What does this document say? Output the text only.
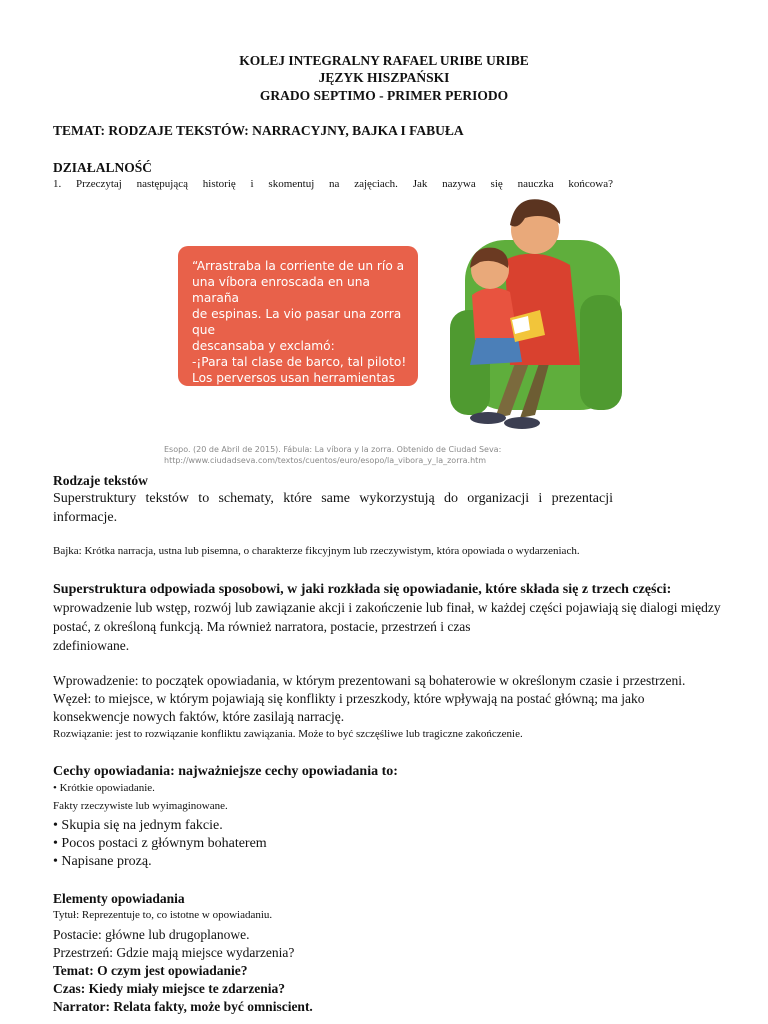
KOLEJ INTEGRALNY RAFAEL URIBE URIBE
JĘZYK HISZPAŃSKI
GRADO SEPTIMO - PRIMER PERIODO
TEMAT: RODZAJE TEKSTÓW: NARRACYJNY, BAJKA I FABUŁA
DZIAŁALNOŚĆ
1. Przeczytaj następującą historię i skomentuj na zajęciach. Jak nazywa się nauczka końcowa?
“Arrastraba la corriente de un río a
una víbora enroscada en una maraña
de espinas. La vio pasar una zorra que
descansaba y exclamó:
-¡Para tal clase de barco, tal piloto!
Los perversos usan herramientas
perversas”
Esopo. (20 de Abril de 2015). Fábula: La víbora y la zorra. Obtenido de Ciudad Seva:
http://www.ciudadseva.com/textos/cuentos/euro/esopo/la_vibora_y_la_zorra.htm
Rodzaje tekstów
Superstruktury tekstów to schematy, które same wykorzystują do organizacji i prezentacji
informacje.
Bajka: Krótka narracja, ustna lub pisemna, o charakterze fikcyjnym lub rzeczywistym, która opowiada o wydarzeniach.
Superstruktura odpowiada sposobowi, w jaki rozkłada się opowiadanie, które składa się z trzech części:
wprowadzenie lub wstęp, rozwój lub zawiązanie akcji i zakończenie lub finał, w każdej części pojawiają się dialogi między
postać, z określoną funkcją. Ma również narratora, postacie, przestrzeń i czas
zdefiniowane.
Wprowadzenie: to początek opowiadania, w którym prezentowani są bohaterowie w określonym czasie i przestrzeni.
Węzeł: to miejsce, w którym pojawiają się konflikty i przeszkody, które wpływają na postać główną; ma jako
konsekwencje nowych faktów, które zasilają narrację.
Rozwiązanie: jest to rozwiązanie konfliktu zawiązania. Może to być szczęśliwe lub tragiczne zakończenie.
Cechy opowiadania: najważniejsze cechy opowiadania to:
• Krótkie opowiadanie.
Fakty rzeczywiste lub wyimaginowane.
• Skupia się na jednym fakcie.
• Pocos postaci z głównym bohaterem
• Napisane prozą.
Elementy opowiadania
Tytuł: Reprezentuje to, co istotne w opowiadaniu.
Postacie: główne lub drugoplanowe.
Przestrzeń: Gdzie mają miejsce wydarzenia?
Temat: O czym jest opowiadanie?
Czas: Kiedy miały miejsce te zdarzenia?
Narrator: Relata fakty, może być omniscient.
